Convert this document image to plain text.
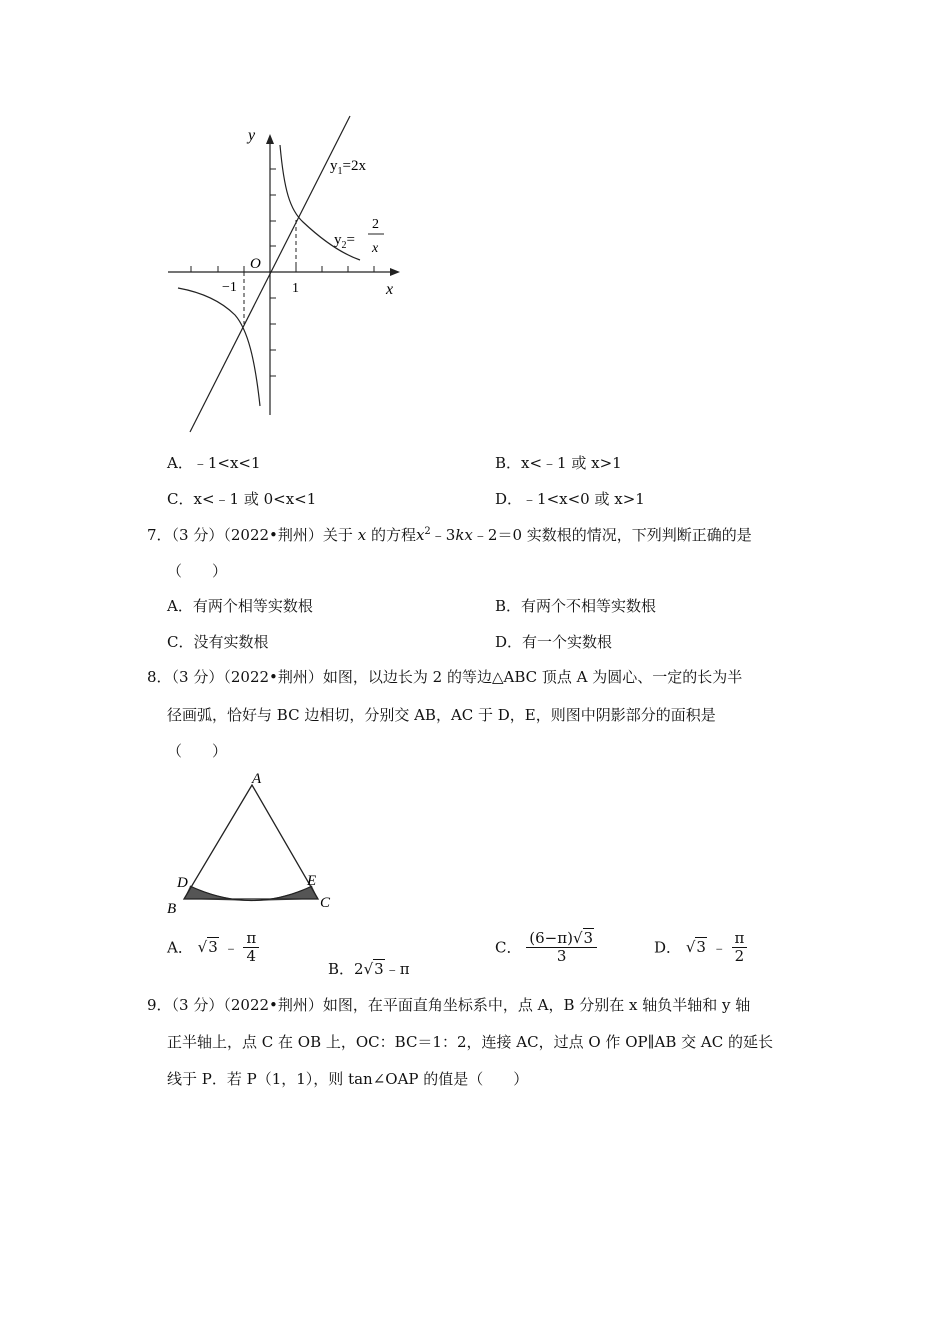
y
x
O
−1	1
$y_1=2x$
$y_2=$
2
x
A．﹣1<x<1	B．x<﹣1 或 x>1
C．x<﹣1 或 0<x<1	D．﹣1<x<0 或 x>1
7．（3 分）（2022•荆州）关于 x 的方程$x^2﹣3kx﹣2=0$ 实数根的情况，下列判断正确的是
（　　）
A．有两个相等实数根	B．有两个不相等实数根
C．没有实数根	D．有一个实数根
8．（3 分）（2022•荆州）如图，以边长为 2 的等边△ABC 顶点 A 为圆心、一定的长为半
径画弧，恰好与 BC 边相切，分别交 AB，AC 于 D，E，则图中阴影部分的面积是
（　　）
A
B	C
D	E
A． √3 ﹣ $\frac{\pi}{4}$
B．2√3﹣π
C． $\frac{(6-\pi)√3}{3}$	D． √3 ﹣ $\frac{\pi}{2}$
9．（3 分）（2022•荆州）如图，在平面直角坐标系中，点 A，B 分别在 x 轴负半轴和 y 轴
正半轴上，点 C 在 OB 上，OC：BC＝1：2，连接 AC，过点 O 作 OP∥AB 交 AC 的延长
线于 P．若 P（1，1），则 tan∠OAP 的值是（　　）
